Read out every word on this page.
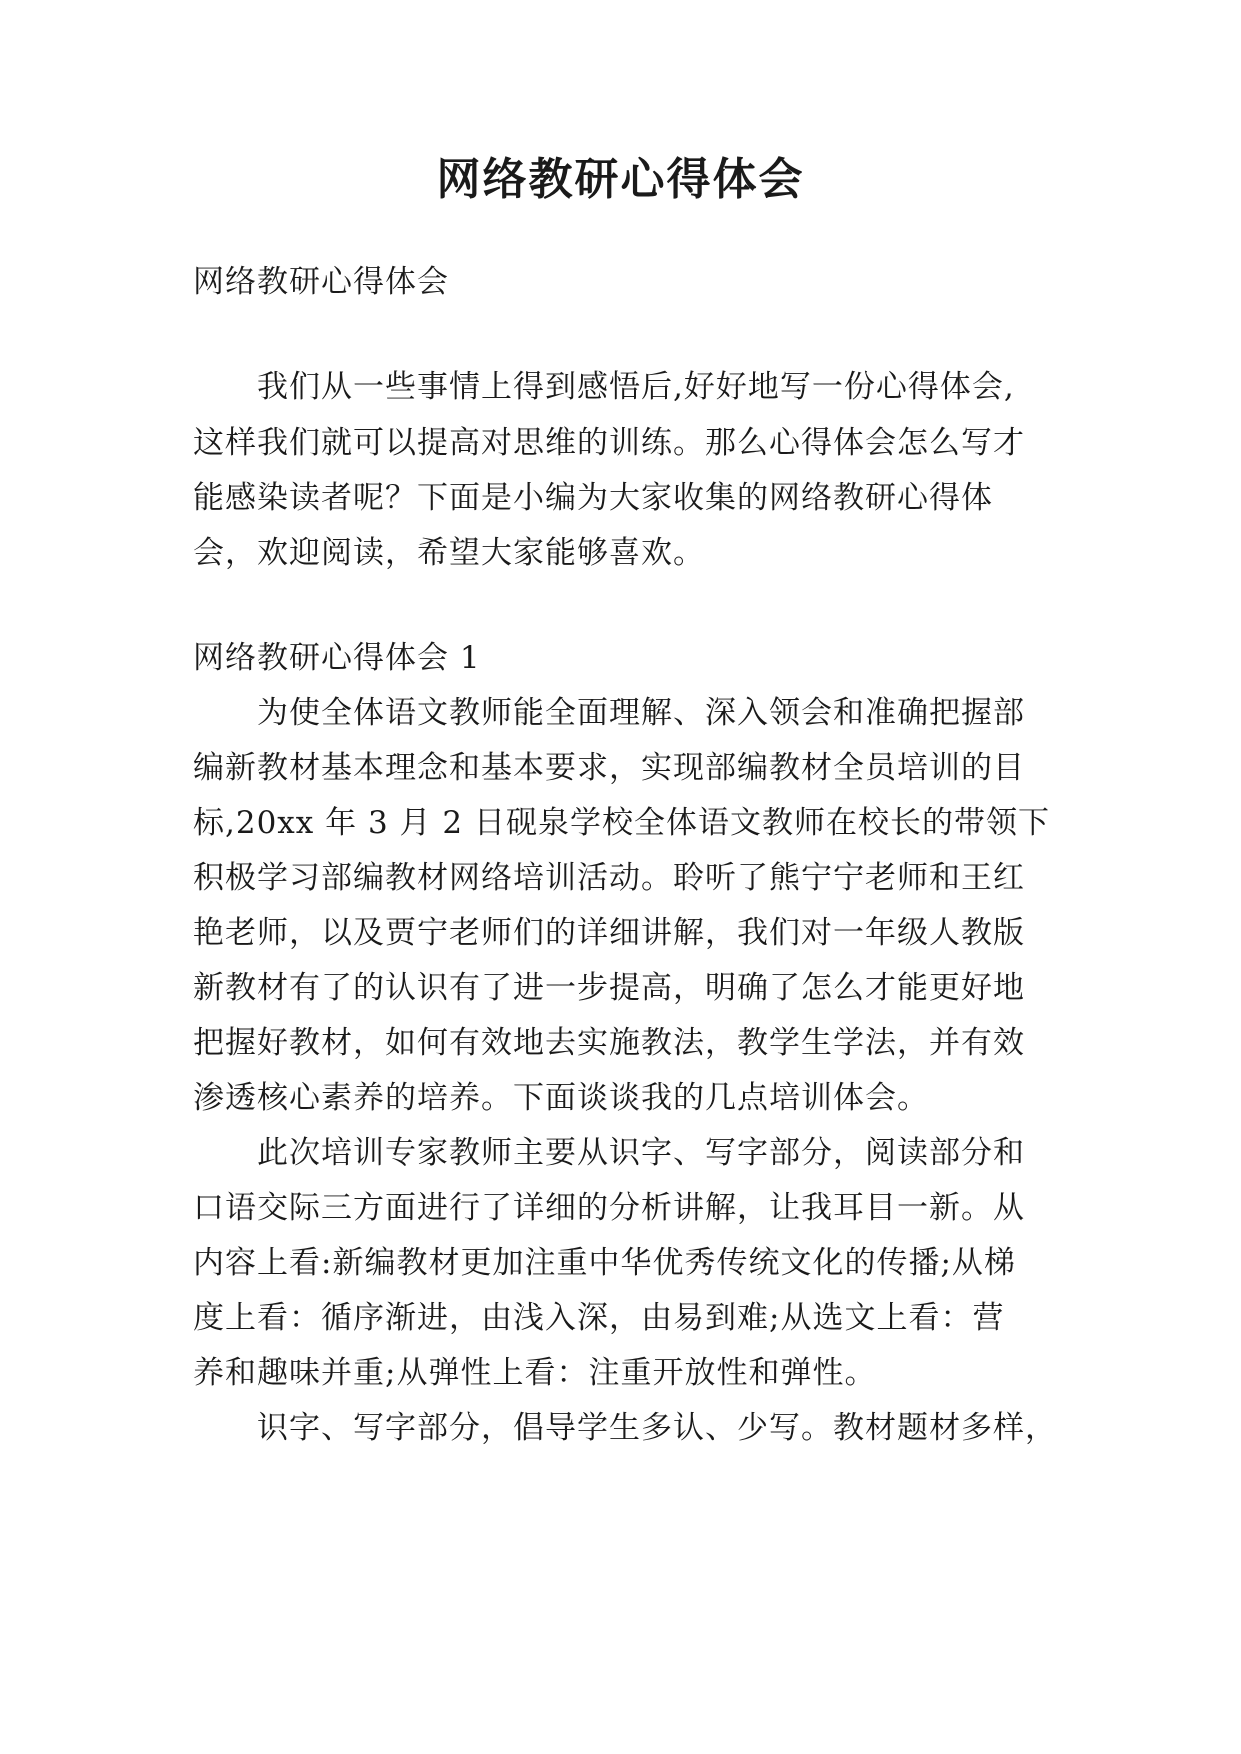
网络教研心得体会

网络教研心得体会

我们从一些事情上得到感悟后,好好地写一份心得体会,

这样我们就可以提高对思维的训练。那么心得体会怎么写才

能感染读者呢？下面是小编为大家收集的网络教研心得体

会，欢迎阅读，希望大家能够喜欢。

网络教研心得体会 1

为使全体语文教师能全面理解、深入领会和准确把握部

编新教材基本理念和基本要求，实现部编教材全员培训的目

标,20xx 年 3 月 2 日砚泉学校全体语文教师在校长的带领下

积极学习部编教材网络培训活动。聆听了熊宁宁老师和王红

艳老师，以及贾宁老师们的详细讲解，我们对一年级人教版

新教材有了的认识有了进一步提高，明确了怎么才能更好地

把握好教材，如何有效地去实施教法，教学生学法，并有效

渗透核心素养的培养。下面谈谈我的几点培训体会。

此次培训专家教师主要从识字、写字部分，阅读部分和

口语交际三方面进行了详细的分析讲解，让我耳目一新。从

内容上看:新编教材更加注重中华优秀传统文化的传播;从梯

度上看：循序渐进，由浅入深，由易到难;从选文上看：营

养和趣味并重;从弹性上看：注重开放性和弹性。

识字、写字部分，倡导学生多认、少写。教材题材多样，
